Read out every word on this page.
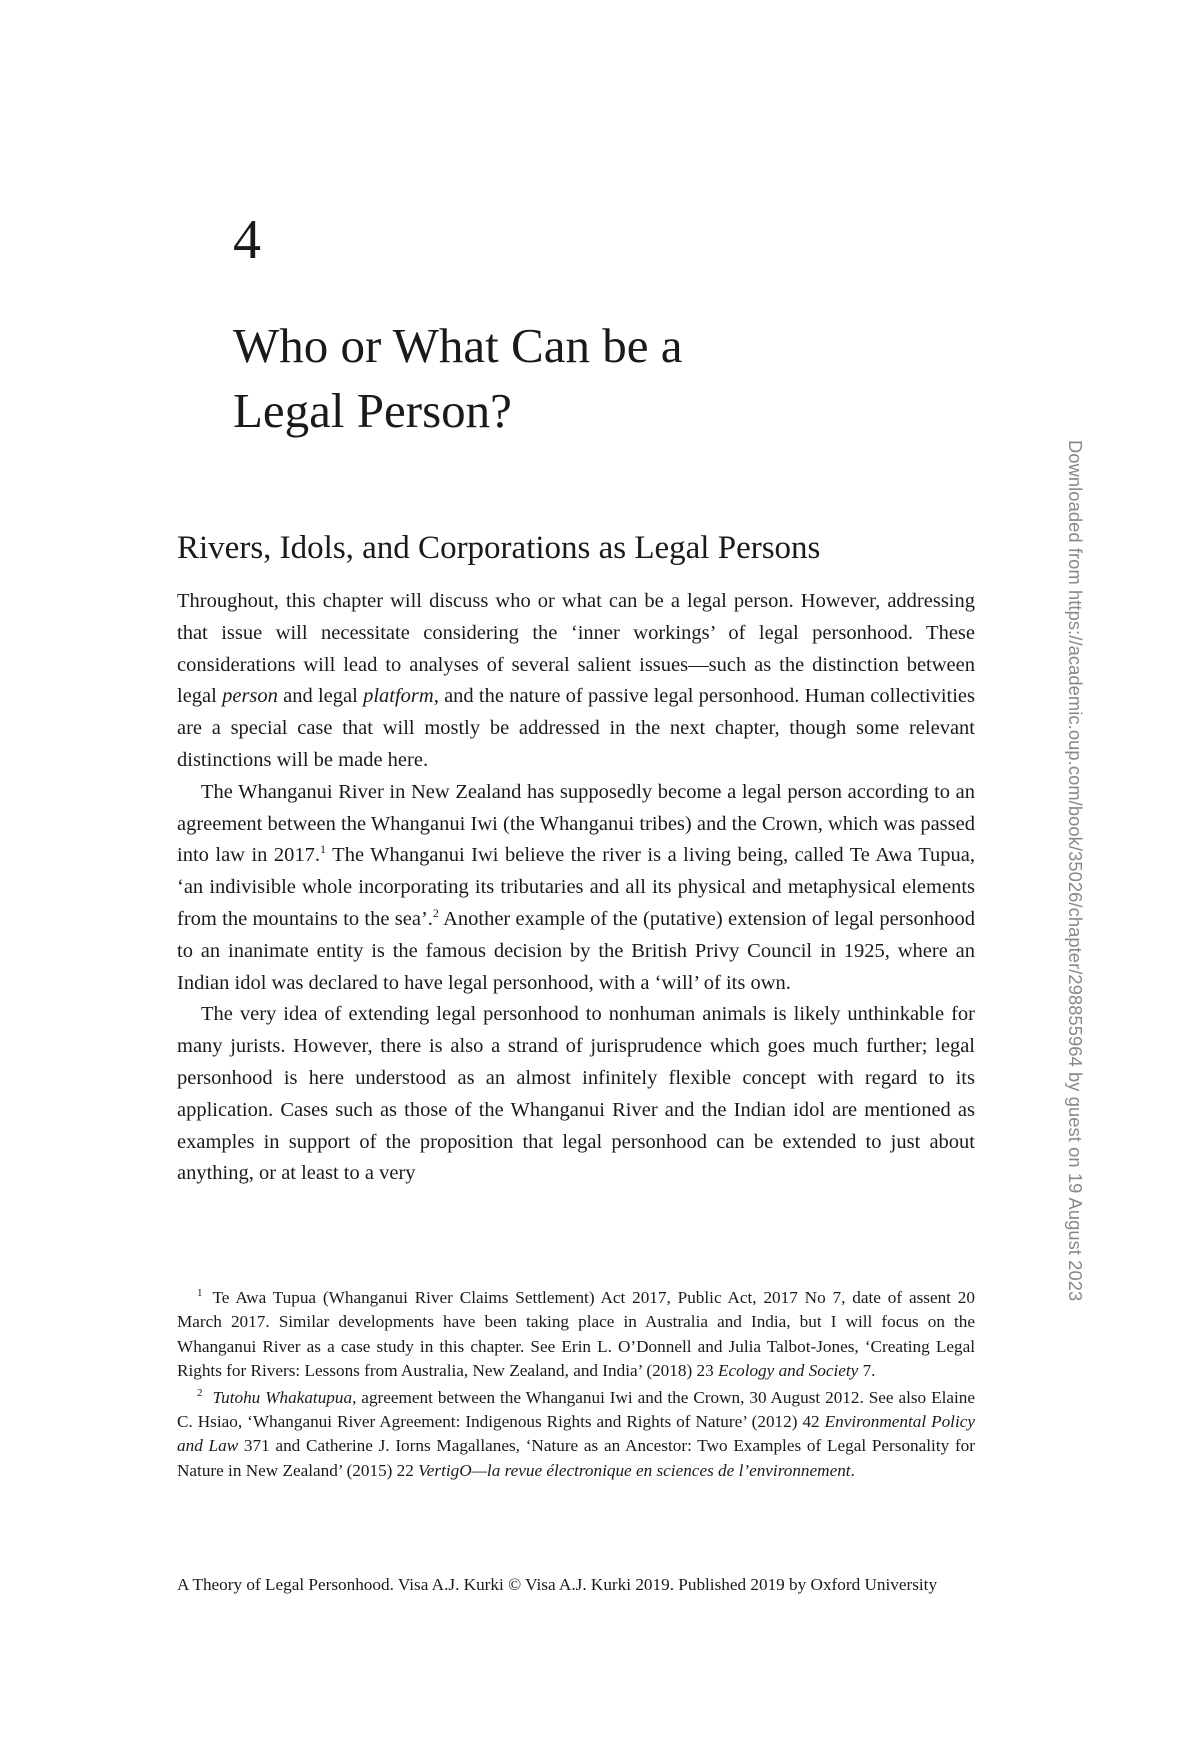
4
Who or What Can be a
Legal Person?
Rivers, Idols, and Corporations as Legal Persons

Throughout, this chapter will discuss who or what can be a legal person. However, addressing that issue will necessitate considering the ‘inner workings’ of legal personhood. These considerations will lead to analyses of several salient issues—such as the distinction between legal person and legal platform, and the nature of passive legal personhood. Human collectivities are a special case that will mostly be addressed in the next chapter, though some relevant distinctions will be made here.

The Whanganui River in New Zealand has supposedly become a legal person according to an agreement between the Whanganui Iwi (the Whanganui tribes) and the Crown, which was passed into law in 2017.$^1$ The Whanganui Iwi believe the river is a living being, called Te Awa Tupua, ‘an indivisible whole incorporating its tributaries and all its physical and metaphysical elements from the mountains to the sea’.$^2$ Another example of the (putative) extension of legal personhood to an inanimate entity is the famous decision by the British Privy Council in 1925, where an Indian idol was declared to have legal personhood, with a ‘will’ of its own.

The very idea of extending legal personhood to nonhuman animals is likely unthinkable for many jurists. However, there is also a strand of jurisprudence which goes much further; legal personhood is here understood as an almost infinitely flexible concept with regard to its application. Cases such as those of the Whanganui River and the Indian idol are mentioned as examples in support of the proposition that legal personhood can be extended to just about anything, or at least to a very

$^1$ Te Awa Tupua (Whanganui River Claims Settlement) Act 2017, Public Act, 2017 No 7, date of assent 20 March 2017. Similar developments have been taking place in Australia and India, but I will focus on the Whanganui River as a case study in this chapter. See Erin L. O’Donnell and Julia Talbot-Jones, ‘Creating Legal Rights for Rivers: Lessons from Australia, New Zealand, and India’ (2018) 23 Ecology and Society 7.

$^2$ Tutohu Whakatupua, agreement between the Whanganui Iwi and the Crown, 30 August 2012. See also Elaine C. Hsiao, ‘Whanganui River Agreement: Indigenous Rights and Rights of Nature’ (2012) 42 Environmental Policy and Law 371 and Catherine J. Iorns Magallanes, ‘Nature as an Ancestor: Two Examples of Legal Personality for Nature in New Zealand’ (2015) 22 VertigO—la revue électronique en sciences de l’environnement.

A Theory of Legal Personhood. Visa A.J. Kurki © Visa A.J. Kurki 2019. Published 2019 by Oxford University
Downloaded from https://academic.oup.com/book/35026/chapter/298855964 by guest on 19 August 2023
